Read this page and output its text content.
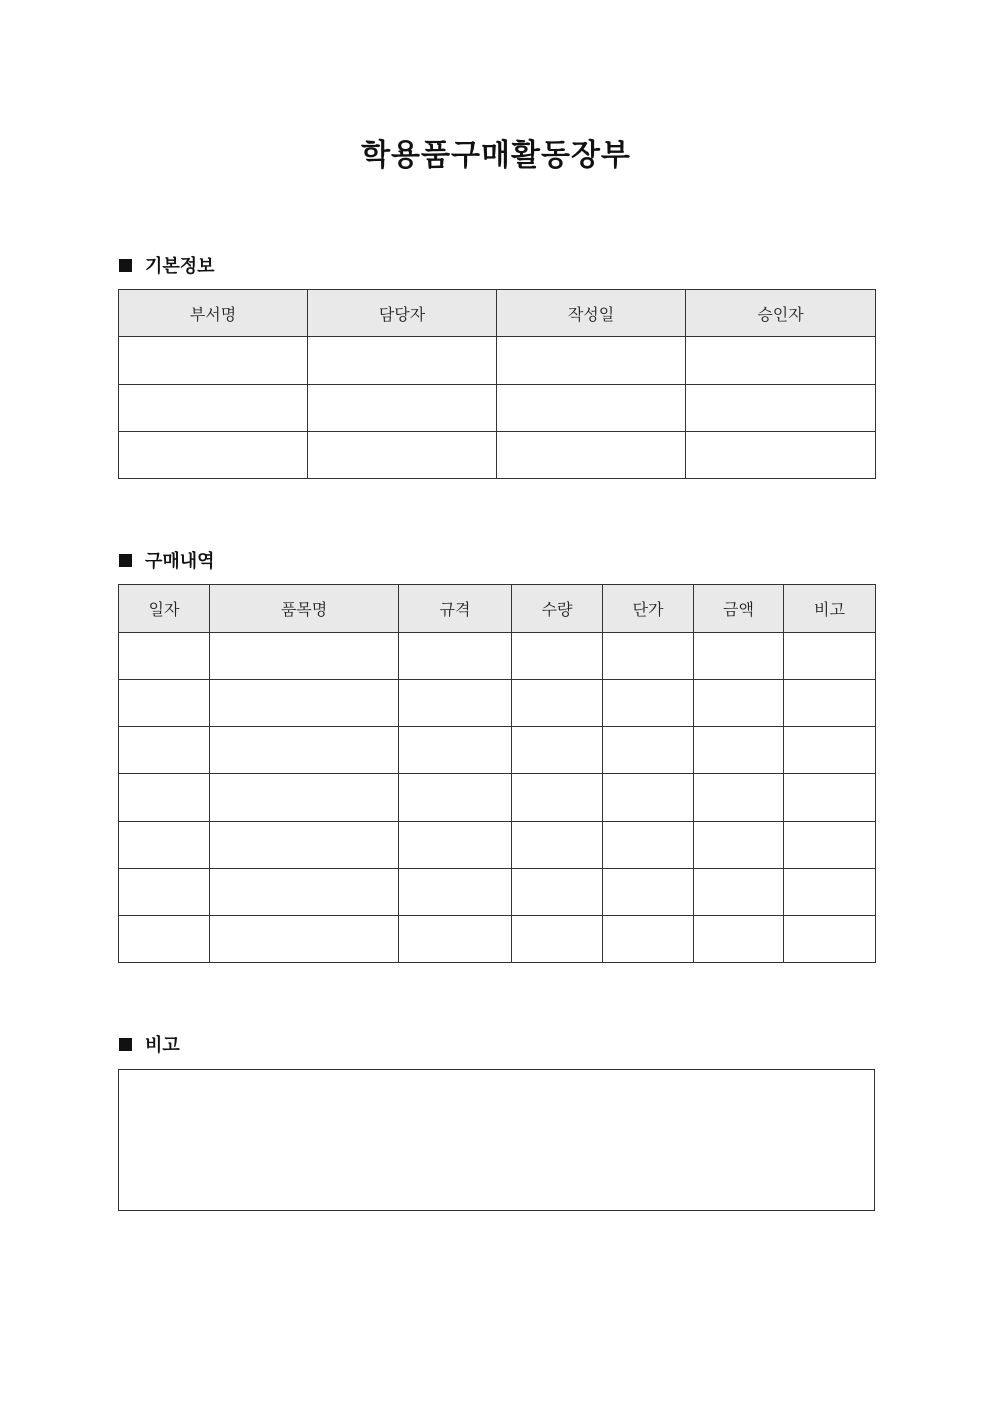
학용품구매활동장부
기본정보
부서명	담당자	작성일	승인자

구매내역
일자	품목명	규격	수량	단가	금액	비고

비고
